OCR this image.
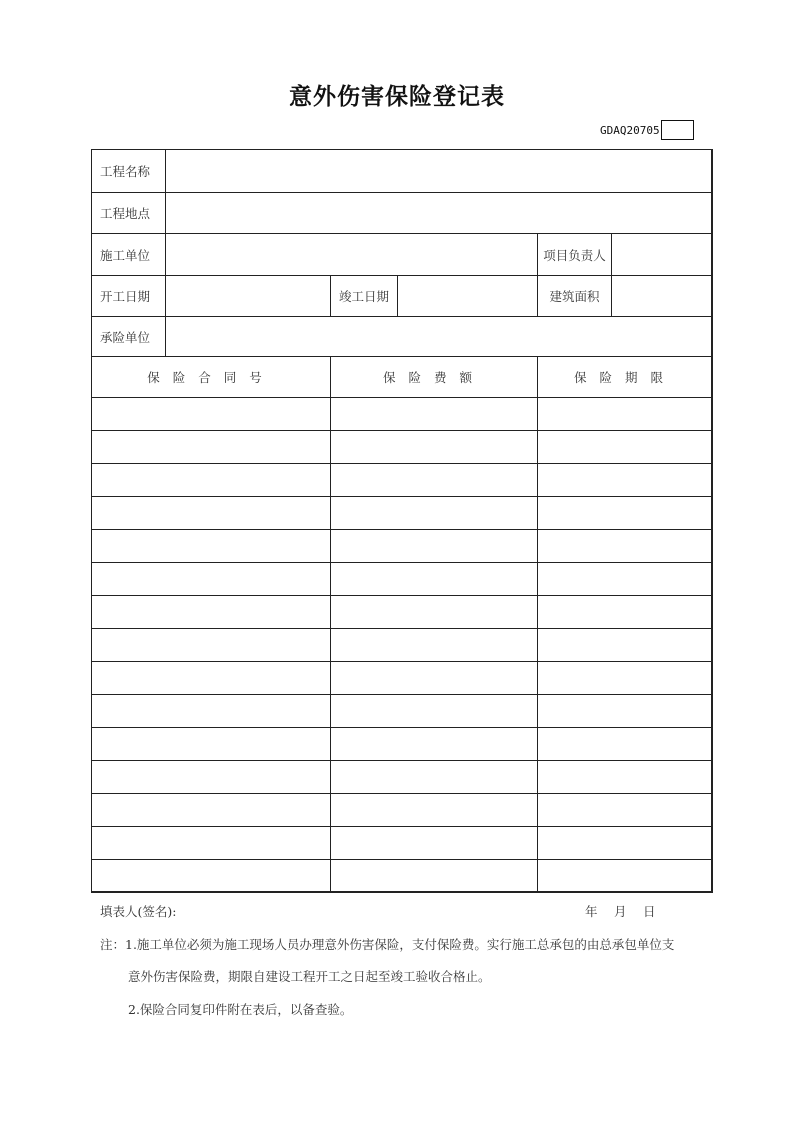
意外伤害保险登记表
GDAQ20705
工程名称
工程地点
施工单位	项目负责人
开工日期	竣工日期	建筑面积
承险单位
保险合同号	保险费额	保险期限
填表人(签名):	年　 月　 日
注：1.施工单位必须为施工现场人员办理意外伤害保险，支付保险费。实行施工总承包的由总承包单位支
意外伤害保险费，期限自建设工程开工之日起至竣工验收合格止。
2.保险合同复印件附在表后，以备查验。
